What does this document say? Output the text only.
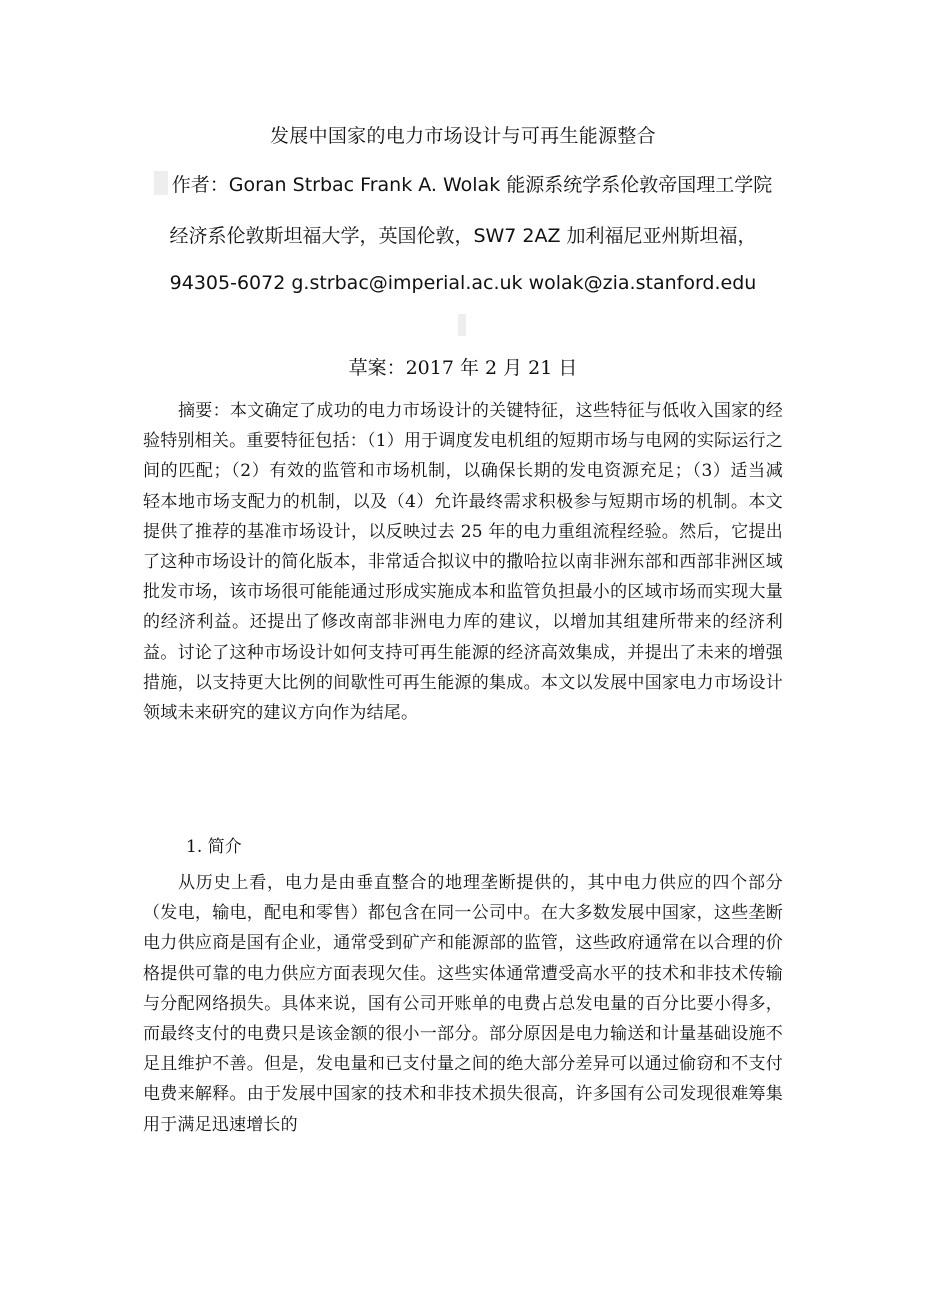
发展中国家的电力市场设计与可再生能源整合
作者：Goran Strbac Frank A. Wolak 能源系统学系伦敦帝国理工学院
经济系伦敦斯坦福大学，英国伦敦，SW7 2AZ 加利福尼亚州斯坦福，
94305-6072 g.strbac@imperial.ac.uk wolak@zia.stanford.edu
草案：2017 年 2 月 21 日
摘要：本文确定了成功的电力市场设计的关键特征，这些特征与低收入国家的经验特别相关。重要特征包括：（1）用于调度发电机组的短期市场与电网的实际运行之间的匹配；（2）有效的监管和市场机制，以确保长期的发电资源充足；（3）适当减轻本地市场支配力的机制，以及（4）允许最终需求积极参与短期市场的机制。本文提供了推荐的基准市场设计，以反映过去 25 年的电力重组流程经验。然后，它提出了这种市场设计的简化版本，非常适合拟议中的撒哈拉以南非洲东部和西部非洲区域批发市场，该市场很可能能通过形成实施成本和监管负担最小的区域市场而实现大量的经济利益。还提出了修改南部非洲电力库的建议，以增加其组建所带来的经济利益。讨论了这种市场设计如何支持可再生能源的经济高效集成，并提出了未来的增强措施，以支持更大比例的间歇性可再生能源的集成。本文以发展中国家电力市场设计领域未来研究的建议方向作为结尾。
1. 简介
从历史上看，电力是由垂直整合的地理垄断提供的，其中电力供应的四个部分（发电，输电，配电和零售）都包含在同一公司中。在大多数发展中国家，这些垄断电力供应商是国有企业，通常受到矿产和能源部的监管，这些政府通常在以合理的价格提供可靠的电力供应方面表现欠佳。这些实体通常遭受高水平的技术和非技术传输与分配网络损失。具体来说，国有公司开账单的电费占总发电量的百分比要小得多，而最终支付的电费只是该金额的很小一部分。部分原因是电力输送和计量基础设施不足且维护不善。但是，发电量和已支付量之间的绝大部分差异可以通过偷窃和不支付电费来解释。由于发展中国家的技术和非技术损失很高，许多国有公司发现很难筹集用于满足迅速增长的
